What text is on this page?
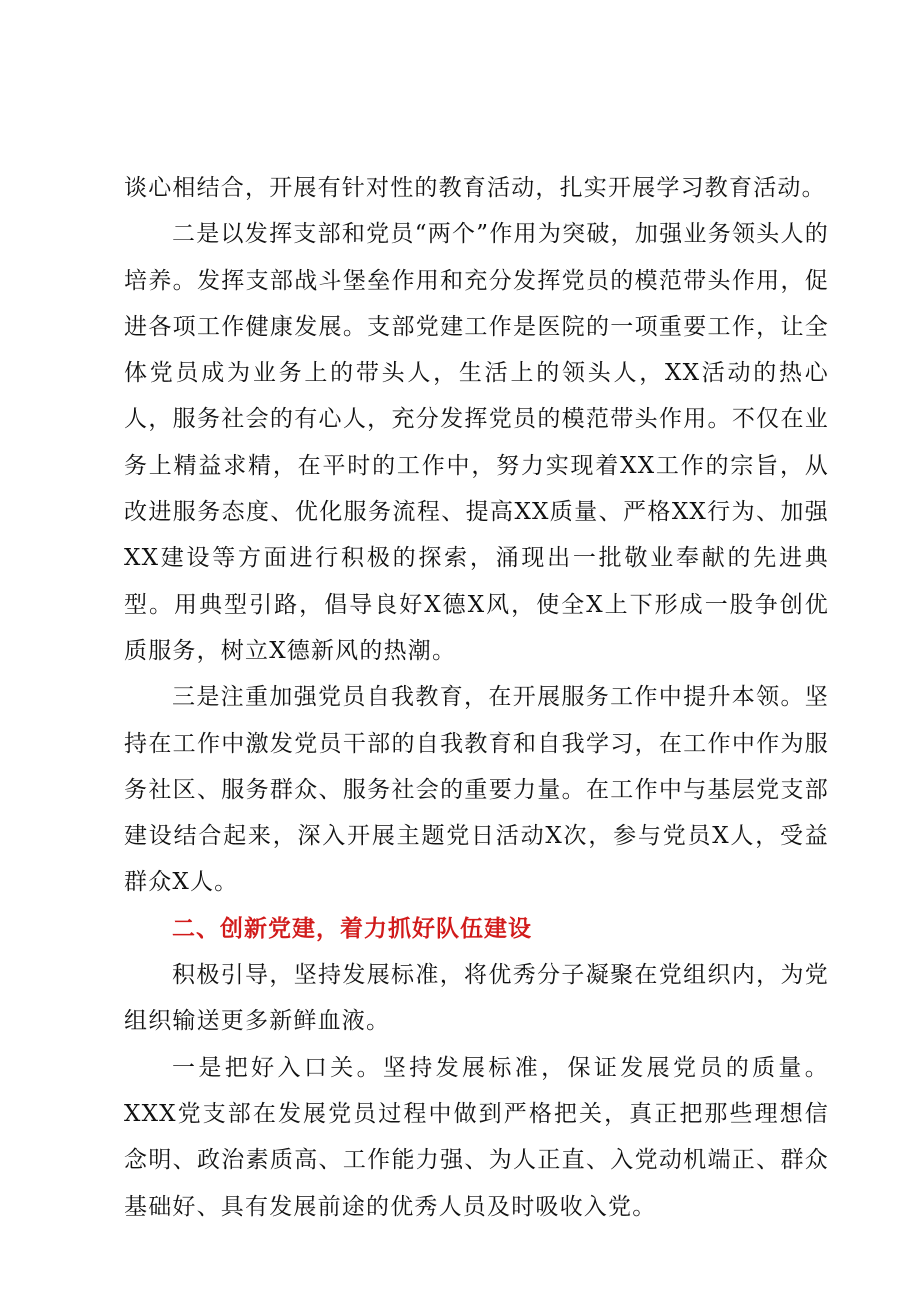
谈心相结合，开展有针对性的教育活动，扎实开展学习教育活动。

二是以发挥支部和党员“两个”作用为突破，加强业务领头人的培养。发挥支部战斗堡垒作用和充分发挥党员的模范带头作用，促进各项工作健康发展。支部党建工作是医院的一项重要工作，让全体党员成为业务上的带头人，生活上的领头人，XX活动的热心人，服务社会的有心人，充分发挥党员的模范带头作用。不仅在业务上精益求精，在平时的工作中，努力实现着XX工作的宗旨，从改进服务态度、优化服务流程、提高XX质量、严格XX行为、加强XX建设等方面进行积极的探索，涌现出一批敬业奉献的先进典型。用典型引路，倡导良好X德X风，使全X上下形成一股争创优质服务，树立X德新风的热潮。

三是注重加强党员自我教育，在开展服务工作中提升本领。坚持在工作中激发党员干部的自我教育和自我学习，在工作中作为服务社区、服务群众、服务社会的重要力量。在工作中与基层党支部建设结合起来，深入开展主题党日活动X次，参与党员X人，受益群众X人。

二、创新党建，着力抓好队伍建设

积极引导，坚持发展标准，将优秀分子凝聚在党组织内，为党组织输送更多新鲜血液。

一是把好入口关。坚持发展标准，保证发展党员的质量。XXX党支部在发展党员过程中做到严格把关，真正把那些理想信念明、政治素质高、工作能力强、为人正直、入党动机端正、群众基础好、具有发展前途的优秀人员及时吸收入党。
